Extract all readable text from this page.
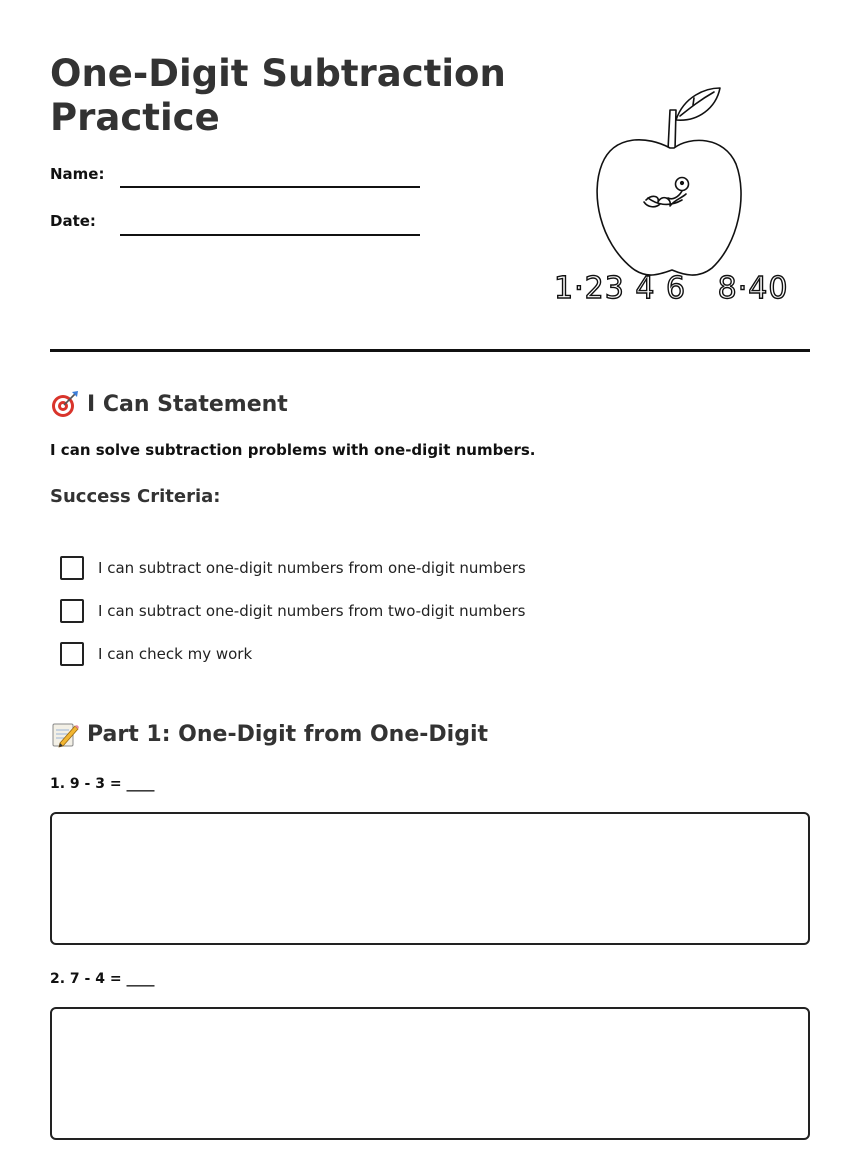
One-Digit Subtraction
Practice
Name:
Date:
1·23 4 6   8·40
I Can Statement
I can solve subtraction problems with one-digit numbers.
Success Criteria:
I can subtract one-digit numbers from one-digit numbers
I can subtract one-digit numbers from two-digit numbers
I can check my work
Part 1: One-Digit from One-Digit
1. 9 - 3 = ____
2. 7 - 4 = ____
